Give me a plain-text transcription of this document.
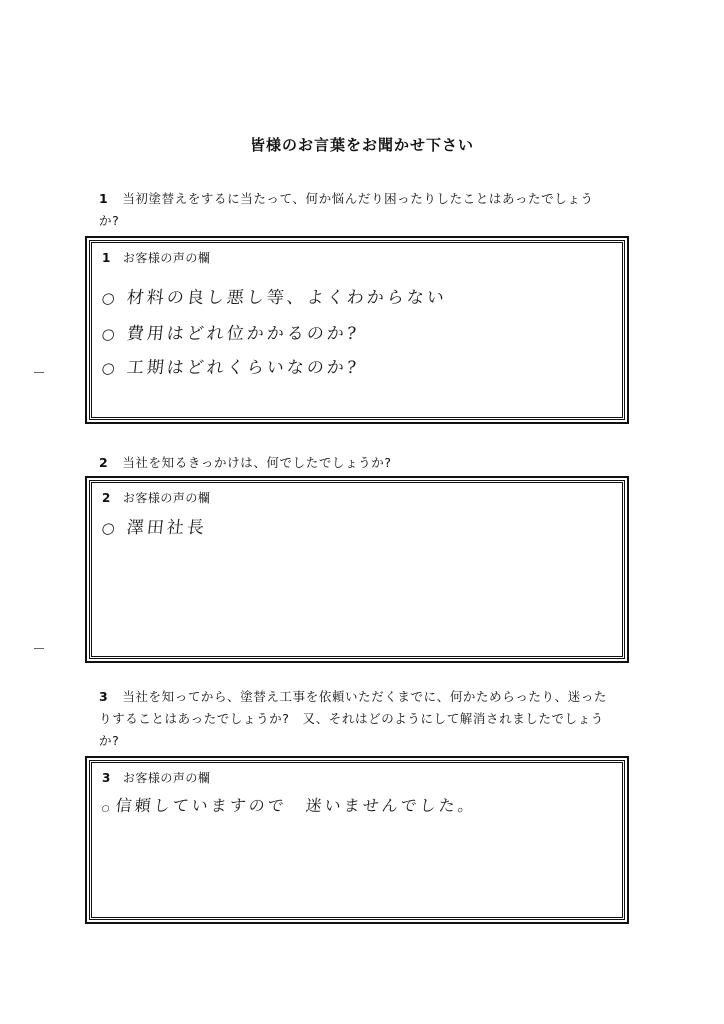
皆様のお言葉をお聞かせ下さい
1 当初塗替えをするに当たって、何か悩んだり困ったりしたことはあったでしょう
か?
1 お客様の声の欄
○ 材料の良し悪し等、よくわからない
○ 費用はどれ位かかるのか?
○ 工期はどれくらいなのか?
2 当社を知るきっかけは、何でしたでしょうか?
2 お客様の声の欄
○ 澤田社長
3 当社を知ってから、塗替え工事を依頼いただくまでに、何かためらったり、迷った
りすることはあったでしょうか?　又、それはどのようにして解消されましたでしょう
か?
3 お客様の声の欄
○ 信頼していますので　迷いませんでした。
